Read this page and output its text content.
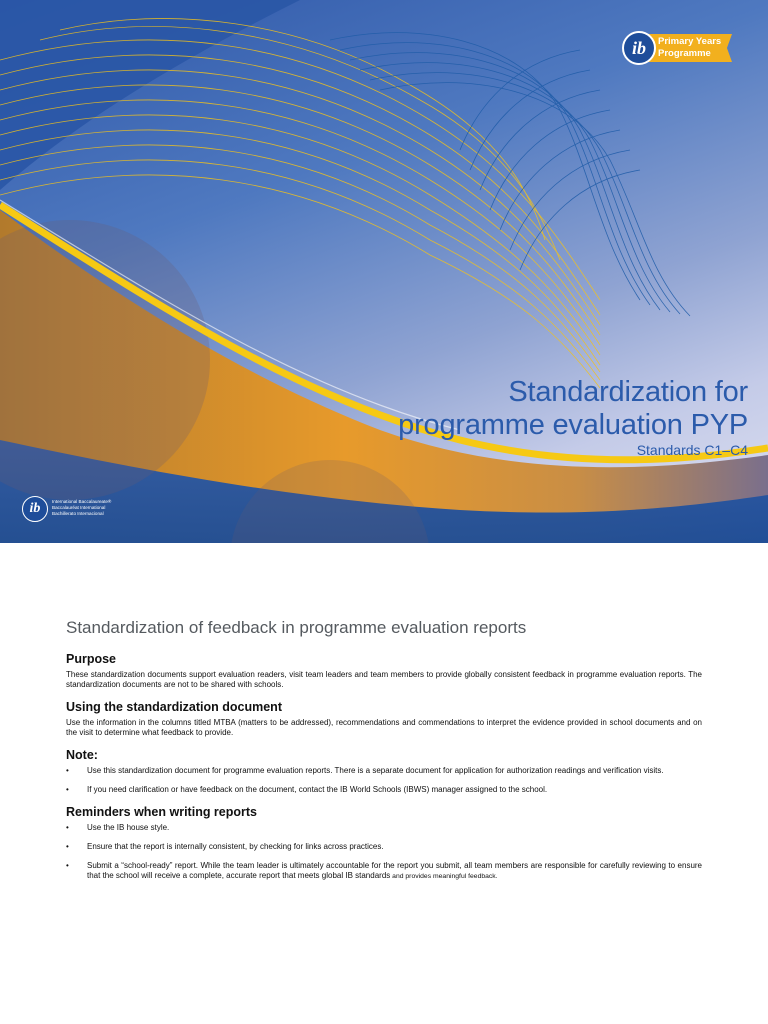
ib	Primary Years
Programme
Standardization for
programme evaluation PYP
Standards C1–C4
ib	International Baccalaureate®
Baccalauréat International
Bachillerato Internacional
Standardization of feedback in programme evaluation reports
Purpose

These standardization documents support evaluation readers, visit team leaders and team members to provide globally consistent feedback in programme evaluation reports. The standardization documents are not to be shared with schools.

Using the standardization document

Use the information in the columns titled MTBA (matters to be addressed), recommendations and commendations to interpret the evidence provided in school documents and on the visit to determine what feedback to provide.

Note:
• Use this standardization document for programme evaluation reports. There is a separate document for application for authorization readings and verification visits.
• If you need clarification or have feedback on the document, contact the IB World Schools (IBWS) manager assigned to the school.
Reminders when writing reports
• Use the IB house style.
• Ensure that the report is internally consistent, by checking for links across practices.
• Submit a “school-ready” report. While the team leader is ultimately accountable for the report you submit, all team members are responsible for carefully reviewing to ensure that the school will receive a complete, accurate report that meets global IB standards and provides meaningful feedback.
